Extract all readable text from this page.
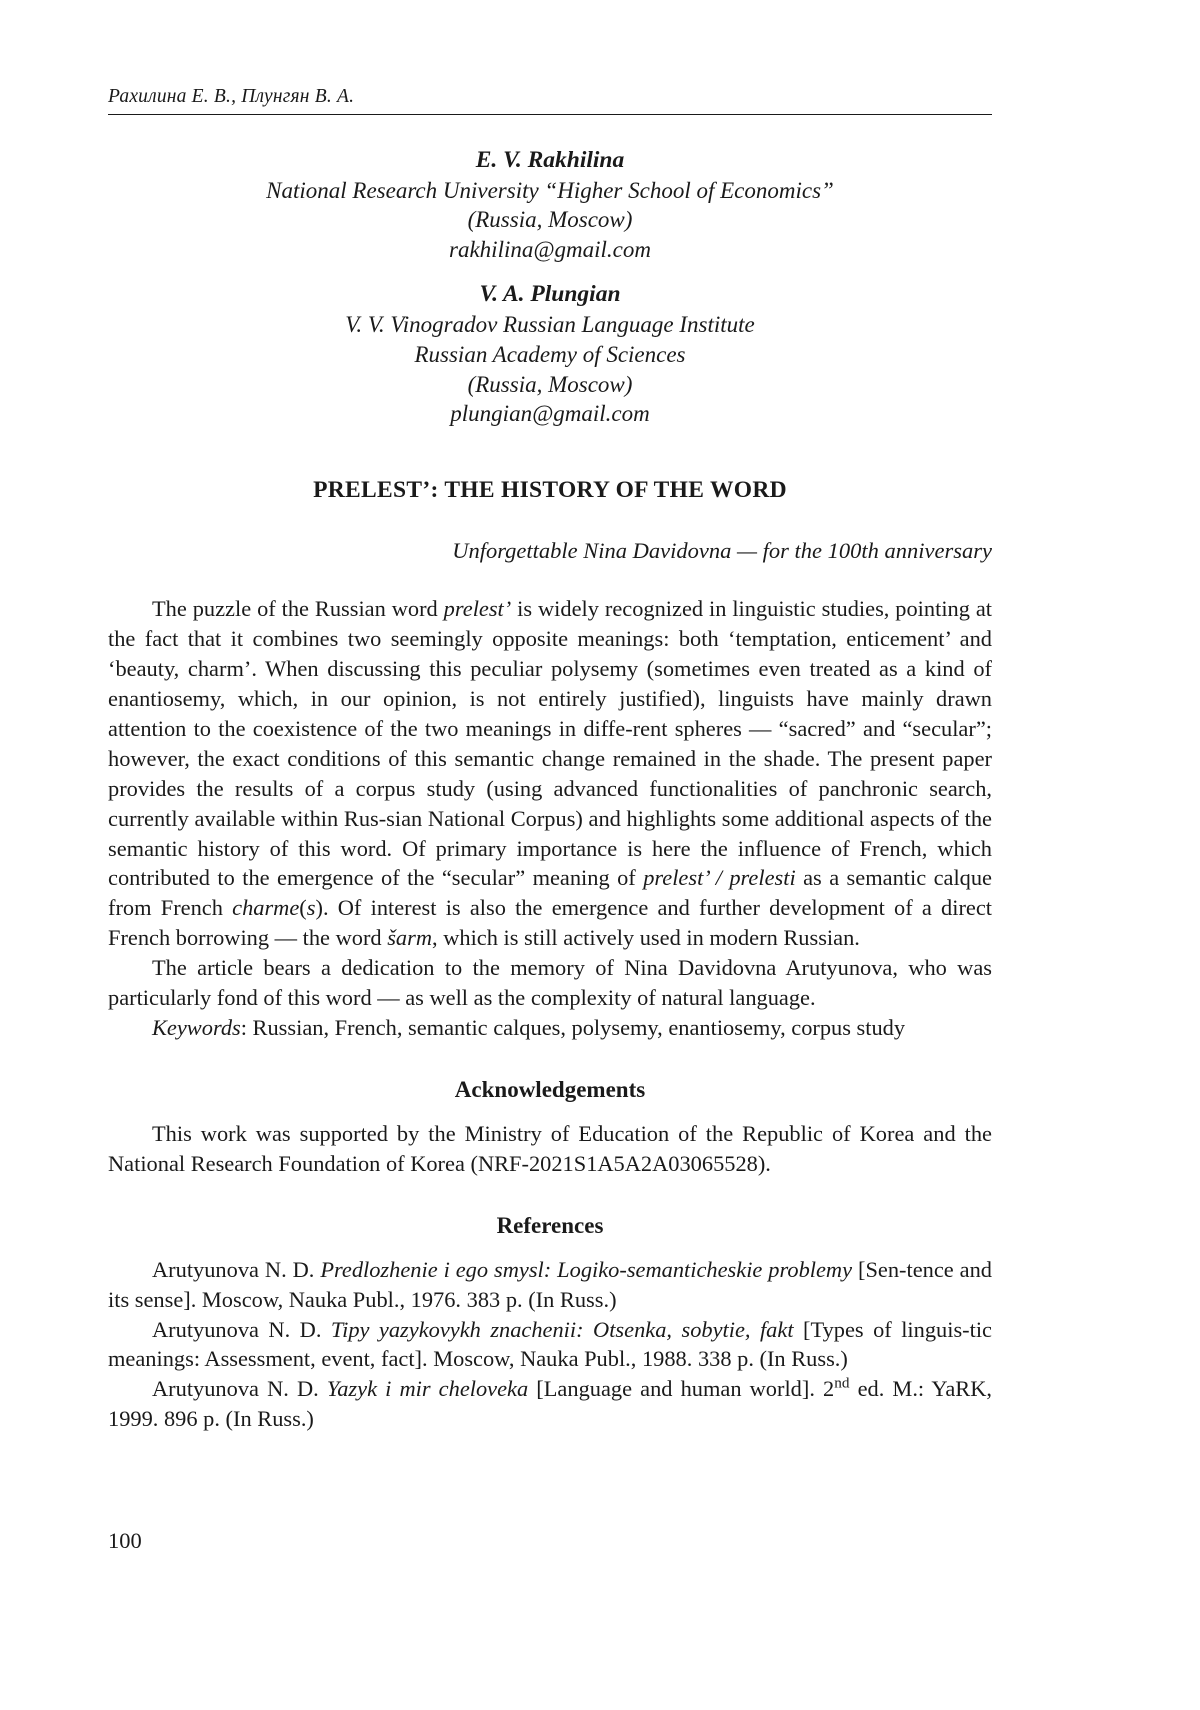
Рахилина Е. В., Плунгян В. А.
E. V. Rakhilina
National Research University “Higher School of Economics”
(Russia, Moscow)
rakhilina@gmail.com
V. A. Plungian
V. V. Vinogradov Russian Language Institute
Russian Academy of Sciences
(Russia, Moscow)
plungian@gmail.com
PRELEST’: THE HISTORY OF THE WORD
Unforgettable Nina Davidovna — for the 100th anniversary

The puzzle of the Russian word prelest’ is widely recognized in linguistic studies, pointing at the fact that it combines two seemingly opposite meanings: both ‘temptation, enticement’ and ‘beauty, charm’. When discussing this peculiar polysemy (sometimes even treated as a kind of enantiosemy, which, in our opinion, is not entirely justified), linguists have mainly drawn attention to the coexistence of the two meanings in diffe-rent spheres — “sacred” and “secular”; however, the exact conditions of this semantic change remained in the shade. The present paper provides the results of a corpus study (using advanced functionalities of panchronic search, currently available within Rus-sian National Corpus) and highlights some additional aspects of the semantic history of this word. Of primary importance is here the influence of French, which contributed to the emergence of the “secular” meaning of prelest’ / prelesti as a semantic calque from French charme(s). Of interest is also the emergence and further development of a direct French borrowing — the word šarm, which is still actively used in modern Russian.

The article bears a dedication to the memory of Nina Davidovna Arutyunova, who was particularly fond of this word — as well as the complexity of natural language.

Keywords: Russian, French, semantic calques, polysemy, enantiosemy, corpus study

Acknowledgements

This work was supported by the Ministry of Education of the Republic of Korea and the National Research Foundation of Korea (NRF-2021S1A5A2A03065528).

References

Arutyunova N. D. Predlozhenie i ego smysl: Logiko-semanticheskie problemy [Sen-tence and its sense]. Moscow, Nauka Publ., 1976. 383 p. (In Russ.)

Arutyunova N. D. Tipy yazykovykh znachenii: Otsenka, sobytie, fakt [Types of linguis-tic meanings: Assessment, event, fact]. Moscow, Nauka Publ., 1988. 338 p. (In Russ.)

Arutyunova N. D. Yazyk i mir cheloveka [Language and human world]. 2nd ed. M.: YaRK, 1999. 896 p. (In Russ.)

100
